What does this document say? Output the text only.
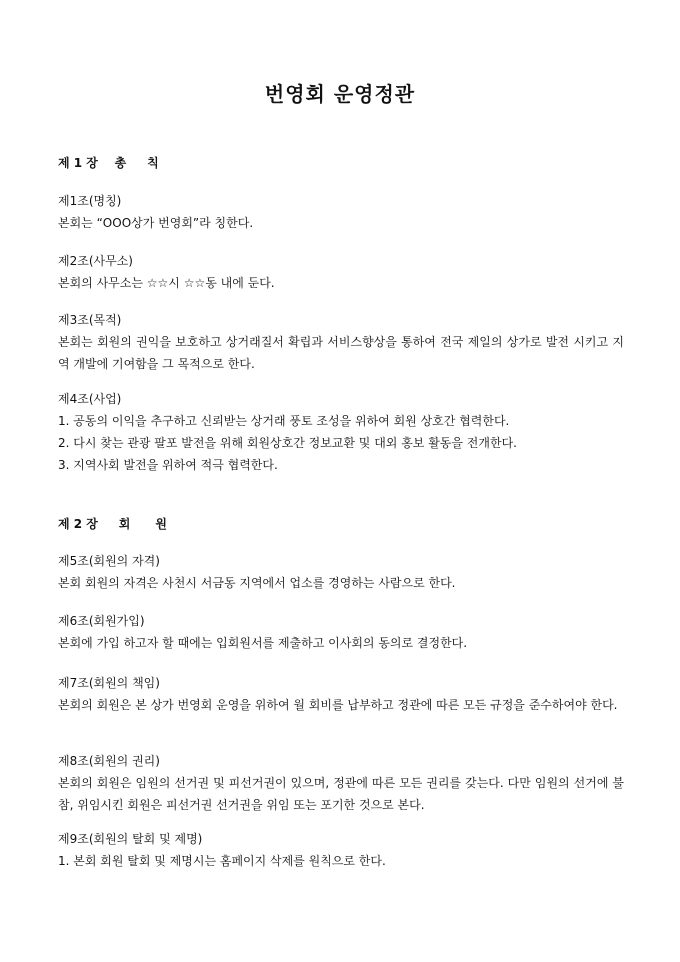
번영회 운영정관
제 1 장    총     칙
제1조(명칭)

본회는 “OOO상가 번영회”라 칭한다.

제2조(사무소)

본회의 사무소는 ☆☆시 ☆☆동 내에 둔다.

제3조(목적)

본회는 회원의 권익을 보호하고 상거래질서 확립과 서비스향상을 통하여 전국 제일의 상가로 발전 시키고 지역 개발에 기여함을 그 목적으로 한다.

제4조(사업)

1. 공동의 이익을 추구하고 신뢰받는 상거래 풍토 조성을 위하여 회원 상호간 협력한다.

2. 다시 찾는 관광 팔포 발전을 위해 회원상호간 정보교환 및 대외 홍보 활동을 전개한다.

3. 지역사회 발전을 위하여 적극 협력한다.

제 2 장     회      원
제5조(회원의 자격)

본회 회원의 자격은 사천시 서금동 지역에서 업소를 경영하는 사람으로 한다.

제6조(회원가입)

본회에 가입 하고자 할 때에는 입회원서를 제출하고 이사회의 동의로 결정한다.

제7조(회원의 책임)

본회의 회원은 본 상가 번영회 운영을 위하여 월 회비를 납부하고 정관에 따른 모든 규정을 준수하여야 한다.

제8조(회원의 권리)

본회의 회원은 임원의 선거권 및 피선거권이 있으며, 정관에 따른 모든 권리를 갖는다. 다만 임원의 선거에 불참, 위임시킨 회원은 피선거권 선거권을 위임 또는 포기한 것으로 본다.

제9조(회원의 탈회 및 제명)

1. 본회 회원 탈회 및 제명시는 홈페이지 삭제를 원칙으로 한다.
